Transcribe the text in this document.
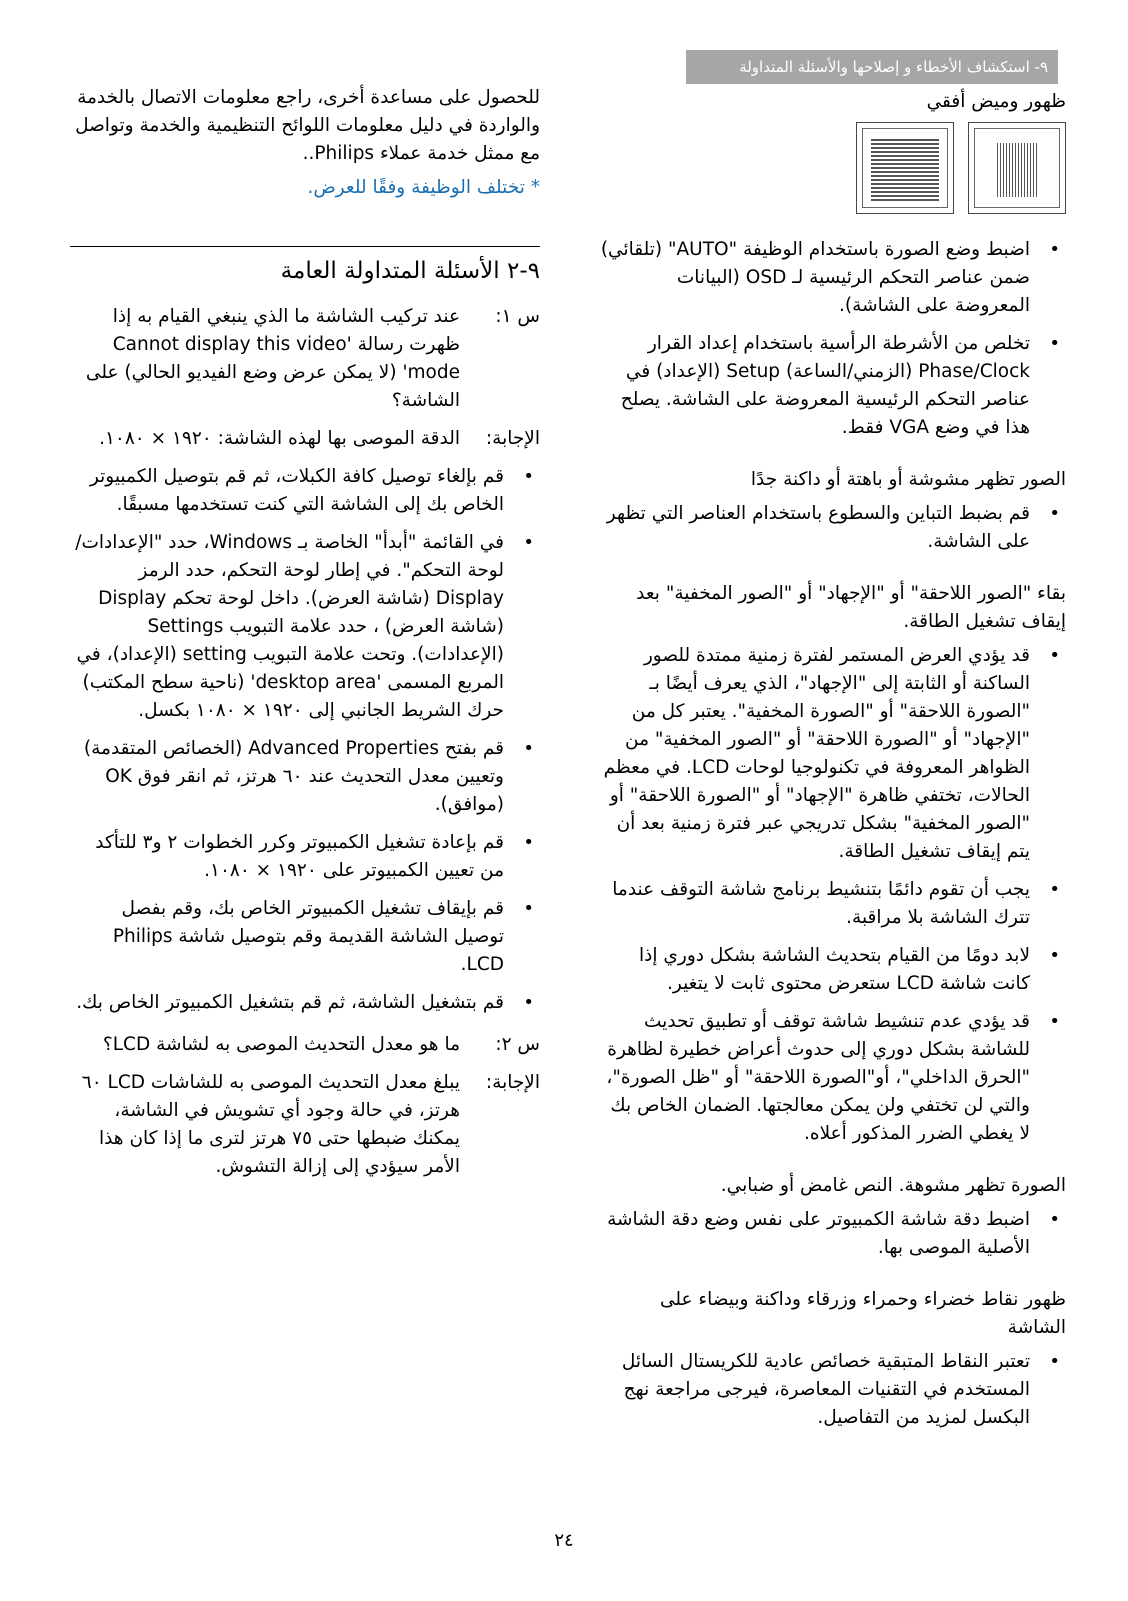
٩- استكشاف الأخطاء و إصلاحها والأسئلة المتداولة

ظهور وميض أفقي

• اضبط وضع الصورة باستخدام الوظيفة "AUTO" (تلقائي) ضمن عناصر التحكم الرئيسية لـ OSD (البيانات المعروضة على الشاشة).
• تخلص من الأشرطة الرأسية باستخدام إعداد القرار Phase/Clock (الزمني/الساعة) Setup (الإعداد) في عناصر التحكم الرئيسية المعروضة على الشاشة. يصلح هذا في وضع VGA فقط.

الصور تظهر مشوشة أو باهتة أو داكنة جدًا

• قم بضبط التباين والسطوع باستخدام العناصر التي تظهر على الشاشة.

بقاء "الصور اللاحقة" أو "الإجهاد" أو "الصور المخفية" بعد إيقاف تشغيل الطاقة.

• قد يؤدي العرض المستمر لفترة زمنية ممتدة للصور الساكنة أو الثابتة إلى "الإجهاد"، الذي يعرف أيضًا بـ "الصورة اللاحقة" أو "الصورة المخفية". يعتبر كل من "الإجهاد" أو "الصورة اللاحقة" أو "الصور المخفية" من الظواهر المعروفة في تكنولوجيا لوحات LCD. في معظم الحالات، تختفي ظاهرة "الإجهاد" أو "الصورة اللاحقة" أو "الصور المخفية" بشكل تدريجي عبر فترة زمنية بعد أن يتم إيقاف تشغيل الطاقة.
• يجب أن تقوم دائمًا بتنشيط برنامج شاشة التوقف عندما تترك الشاشة بلا مراقبة.
• لابد دومًا من القيام بتحديث الشاشة بشكل دوري إذا كانت شاشة LCD ستعرض محتوى ثابت لا يتغير.
• قد يؤدي عدم تنشيط شاشة توقف أو تطبيق تحديث للشاشة بشكل دوري إلى حدوث أعراض خطيرة لظاهرة "الحرق الداخلي"، أو"الصورة اللاحقة" أو "ظل الصورة"، والتي لن تختفي ولن يمكن معالجتها. الضمان الخاص بك لا يغطي الضرر المذكور أعلاه.

الصورة تظهر مشوهة. النص غامض أو ضبابي.

• اضبط دقة شاشة الكمبيوتر على نفس وضع دقة الشاشة الأصلية الموصى بها.

ظهور نقاط خضراء وحمراء وزرقاء وداكنة وبيضاء على الشاشة

• تعتبر النقاط المتبقية خصائص عادية للكريستال السائل المستخدم في التقنيات المعاصرة، فيرجى مراجعة نهج البكسل لمزيد من التفاصيل.

للحصول على مساعدة أخرى، راجع معلومات الاتصال بالخدمة والواردة في دليل معلومات اللوائح التنظيمية والخدمة وتواصل مع ممثل خدمة عملاء Philips..

* تختلف الوظيفة وفقًا للعرض.

٩-٢ الأسئلة المتداولة العامة

س ١:
عند تركيب الشاشة ما الذي ينبغي القيام به إذا ظهرت رسالة 'Cannot display this video mode' (لا يمكن عرض وضع الفيديو الحالي) على الشاشة؟
الإجابة:
الدقة الموصى بها لهذه الشاشة: ١٩٢٠ × ١٠٨٠.
• قم بإلغاء توصيل كافة الكبلات، ثم قم بتوصيل الكمبيوتر الخاص بك إلى الشاشة التي كنت تستخدمها مسبقًا.
• في القائمة "أبدأ" الخاصة بـ Windows، حدد "الإعدادات/لوحة التحكم". في إطار لوحة التحكم، حدد الرمز Display (شاشة العرض). داخل لوحة تحكم Display (شاشة العرض) ، حدد علامة التبويب Settings (الإعدادات). وتحت علامة التبويب setting (الإعداد)، في المربع المسمى 'desktop area' (ناحية سطح المكتب) حرك الشريط الجانبي إلى ١٩٢٠ × ١٠٨٠ بكسل.
• قم بفتح Advanced Properties (الخصائص المتقدمة) وتعيين معدل التحديث عند ٦٠ هرتز، ثم انقر فوق OK (موافق).
• قم بإعادة تشغيل الكمبيوتر وكرر الخطوات ٢ و٣ للتأكد من تعيين الكمبيوتر على ١٩٢٠ × ١٠٨٠.
• قم بإيقاف تشغيل الكمبيوتر الخاص بك، وقم بفصل توصيل الشاشة القديمة وقم بتوصيل شاشة Philips LCD.
• قم بتشغيل الشاشة، ثم قم بتشغيل الكمبيوتر الخاص بك.
س ٢:
ما هو معدل التحديث الموصى به لشاشة LCD؟
الإجابة:
يبلغ معدل التحديث الموصى به للشاشات LCD ٦٠ هرتز، في حالة وجود أي تشويش في الشاشة، يمكنك ضبطها حتى ٧٥ هرتز لترى ما إذا كان هذا الأمر سيؤدي إلى إزالة التشوش.
٢٤
